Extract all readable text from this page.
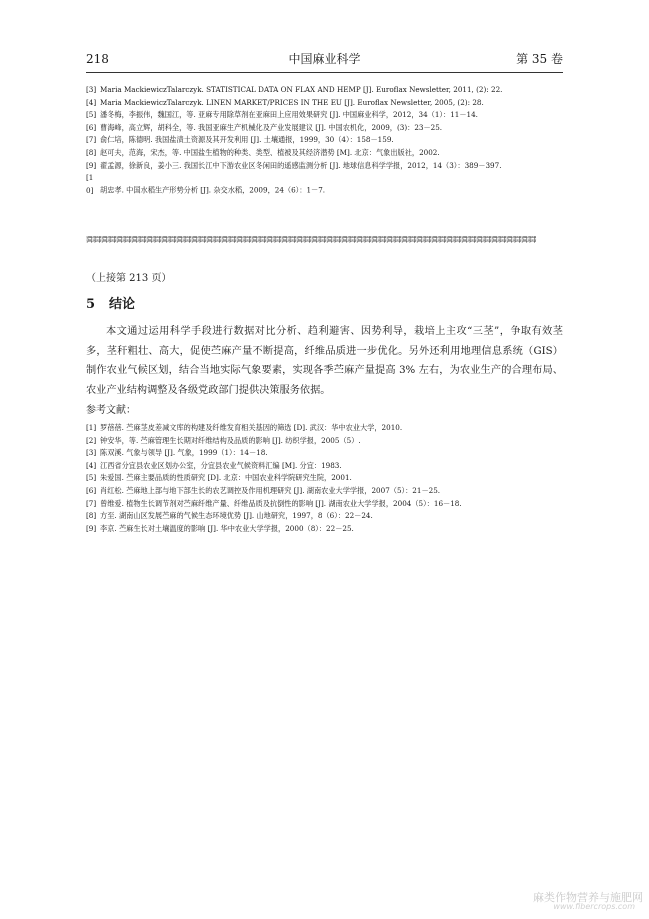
218	中国麻业科学	第 35 卷

[3] Maria MackiewiczTalarczyk. STATISTICAL DATA ON FLAX AND HEMP [J]. Euroflax Newsletter, 2011, (2): 22.

[4] Maria MackiewiczTalarczyk. LINEN MARKET/PRICES IN THE EU [J]. Euroflax Newsletter, 2005, (2): 28.

[5] 潘冬梅，李振伟，魏国江，等. 亚麻专用除草剂在亚麻田上应用效果研究 [J]. 中国麻业科学，2012，34（1）：11－14.

[6] 曹海峰，高立辉，胡科全，等. 我国亚麻生产机械化及产业发展建议 [J]. 中国农机化，2009，(3)：23－25.

[7] 俞仁培，陈德明. 我国盐渍土资源及其开发利用 [J]. 土壤通报，1999，30（4）：158－159.

[8] 赵可夫，范海，宋杰，等. 中国盐生植物的种类、类型、植被及其经济潜势 [M]. 北京：气象出版社，2002.

[9] 翟孟源，徐新良，姜小三. 我国长江中下游农业区冬闲田的遥感监测分析 [J]. 地球信息科学学报，2012，14（3）：389－397.

[10] 胡忠孝. 中国水稻生产形势分析 [J]. 杂交水稻，2009，24（6）：1－7.

茻茻茻茻茻茻茻茻茻茻茻茻茻茻茻茻茻茻茻茻茻茻茻茻茻茻茻茻茻茻茻茻茻茻茻茻茻茻茻茻茻茻茻茻茻茻茻茻茻茻茻茻茻茻茻茻茻茻茻茻
（上接第 213 页）
5 结论

本文通过运用科学手段进行数据对比分析、趋利避害、因势利导，栽培上主攻“三茎”，争取有效茎多，茎秆粗壮、高大，促使苎麻产量不断提高，纤维品质进一步优化。另外还利用地理信息系统（GIS）制作农业气候区划，结合当地实际气象要素，实现各季苎麻产量提高 3% 左右，为农业生产的合理布局、农业产业结构调整及各级党政部门提供决策服务依据。

参考文献：

[1] 罗蓓蓓. 苎麻茎皮差减文库的构建及纤维发育相关基因的筛选 [D]. 武汉：华中农业大学，2010.

[2] 钟安华，等. 苎麻管理生长期对纤维结构及品质的影响 [J]. 纺织学报，2005（5）.

[3] 陈双溪. 气象与领导 [J]. 气象，1999（1）：14－18.

[4] 江西省分宜县农业区划办公室，分宜县农业气候资料汇编 [M]. 分宜：1983.

[5] 朱爱国. 苎麻主要品质的性质研究 [D]. 北京：中国农业科学院研究生院，2001.

[6] 肖红松. 苎麻地上部与地下部生长的农艺调控及作用机理研究 [J]. 湖南农业大学学报，2007（5）：21－25.

[7] 曾维爱. 植物生长调节剂对苎麻纤维产量、纤维品质及抗倒性的影响 [J]. 湖南农业大学学报，2004（5）：16－18.

[8] 方至. 湖南山区发展苎麻的气候生态环境优势 [J]. 山地研究，1997，8（6）：22－24.

[9] 李京. 苎麻生长对土壤温度的影响 [J]. 华中农业大学学报，2000（8）：22－25.

麻类作物营养与施肥网
www.fibercrops.com
